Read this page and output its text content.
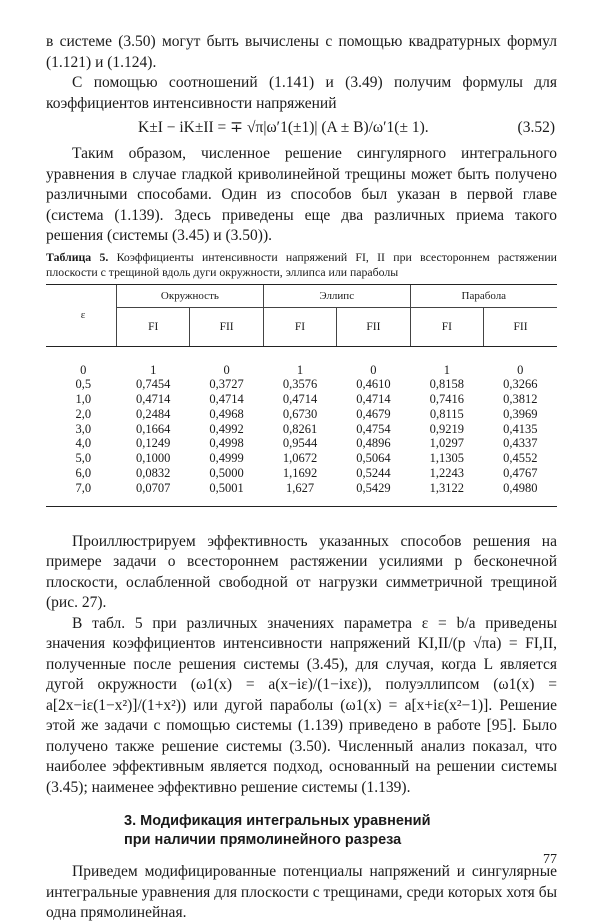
в системе (3.50) могут быть вычислены с помощью квадратурных формул (1.121) и (1.124).

С помощью соотношений (1.141) и (3.49) получим формулы для коэффициентов интенсивности напряжений

K±I − iK±II = ∓ √π|ω′1(±1)| (A ± B)/ω′1(± 1).	(3.52)

Таким образом, численное решение сингулярного интегрального уравнения в случае гладкой криволинейной трещины может быть получено различными способами. Один из способов был указан в первой главе (система (1.139). Здесь приведены еще два различных приема такого решения (системы (3.45) и (3.50)).

Таблица 5. Коэффициенты интенсивности напряжений FI, II при всестороннем растяжении плоскости с трещиной вдоль дуги окружности, эллипса или параболы
ε	Окружность		Эллипс		Парабола	
	FI	FII	FI	FII	FI	FII
0	1	0	1	0	1	0
0,5	0,7454	0,3727	0,3576	0,4610	0,8158	0,3266
1,0	0,4714	0,4714	0,4714	0,4714	0,7416	0,3812
2,0	0,2484	0,4968	0,6730	0,4679	0,8115	0,3969
3,0	0,1664	0,4992	0,8261	0,4754	0,9219	0,4135
4,0	0,1249	0,4998	0,9544	0,4896	1,0297	0,4337
5,0	0,1000	0,4999	1,0672	0,5064	1,1305	0,4552
6,0	0,0832	0,5000	1,1692	0,5244	1,2243	0,4767
7,0	0,0707	0,5001	1,627	0,5429	1,3122	0,4980

Проиллюстрируем эффективность указанных способов решения на примере задачи о всестороннем растяжении усилиями p бесконечной плоскости, ослабленной свободной от нагрузки симметричной трещиной (рис. 27).

В табл. 5 при различных значениях параметра ε = b/a приведены значения коэффициентов интенсивности напряжений KI,II/(p √πa) = FI,II, полученные после решения системы (3.45), для случая, когда L является дугой окружности (ω1(x) = a(x−iε)/(1−ixε)), полуэллипсом (ω1(x) = a[2x−iε(1−x²)]/(1+x²)) или дугой параболы (ω1(x) = a[x+iε(x²−1)]. Решение этой же задачи с помощью системы (1.139) приведено в работе [95]. Было получено также решение системы (3.50). Численный анализ показал, что наиболее эффективным является подход, основанный на решении системы (3.45); наименее эффективно решение системы (1.139).

3. Модификация интегральных уравнений
при наличии прямолинейного разреза

Приведем модифицированные потенциалы напряжений и сингулярные интегральные уравнения для плоскости с трещинами, среди которых хотя бы одна прямолинейная.

77
